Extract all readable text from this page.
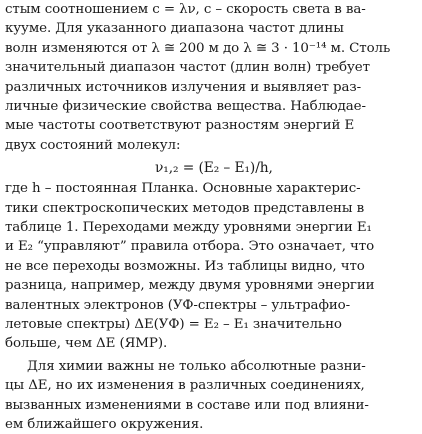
стым соотношением c = λν, c – скорость света в ва-
кууме. Для указанного диапазона частот длины
волн изменяются от λ ≅ 200 м до λ ≅ 3 · 10⁻¹⁴ м. Столь
значительный диапазон частот (длин волн) требует
различных источников излучения и выявляет раз-
личные физические свойства вещества. Наблюдае-
мые частоты соответствуют разностям энергий E
двух состояний молекул:
ν₁,₂ = (E₂ – E₁)/h,
где h – постоянная Планка. Основные характерис-
тики спектроскопических методов представлены в
таблице 1. Переходами между уровнями энергии E₁
и E₂ “управляют” правила отбора. Это означает, что
не все переходы возможны. Из таблицы видно, что
разница, например, между двумя уровнями энергии
валентных электронов (УФ-спектры – ультрафио-
летовые спектры) ΔE(УФ) = E₂ – E₁ значительно
больше, чем ΔE (ЯМР).
Для химии важны не только абсолютные разни-
цы ΔE, но их изменения в различных соединениях,
вызванных изменениями в составе или под влияни-
ем ближайшего окружения.
